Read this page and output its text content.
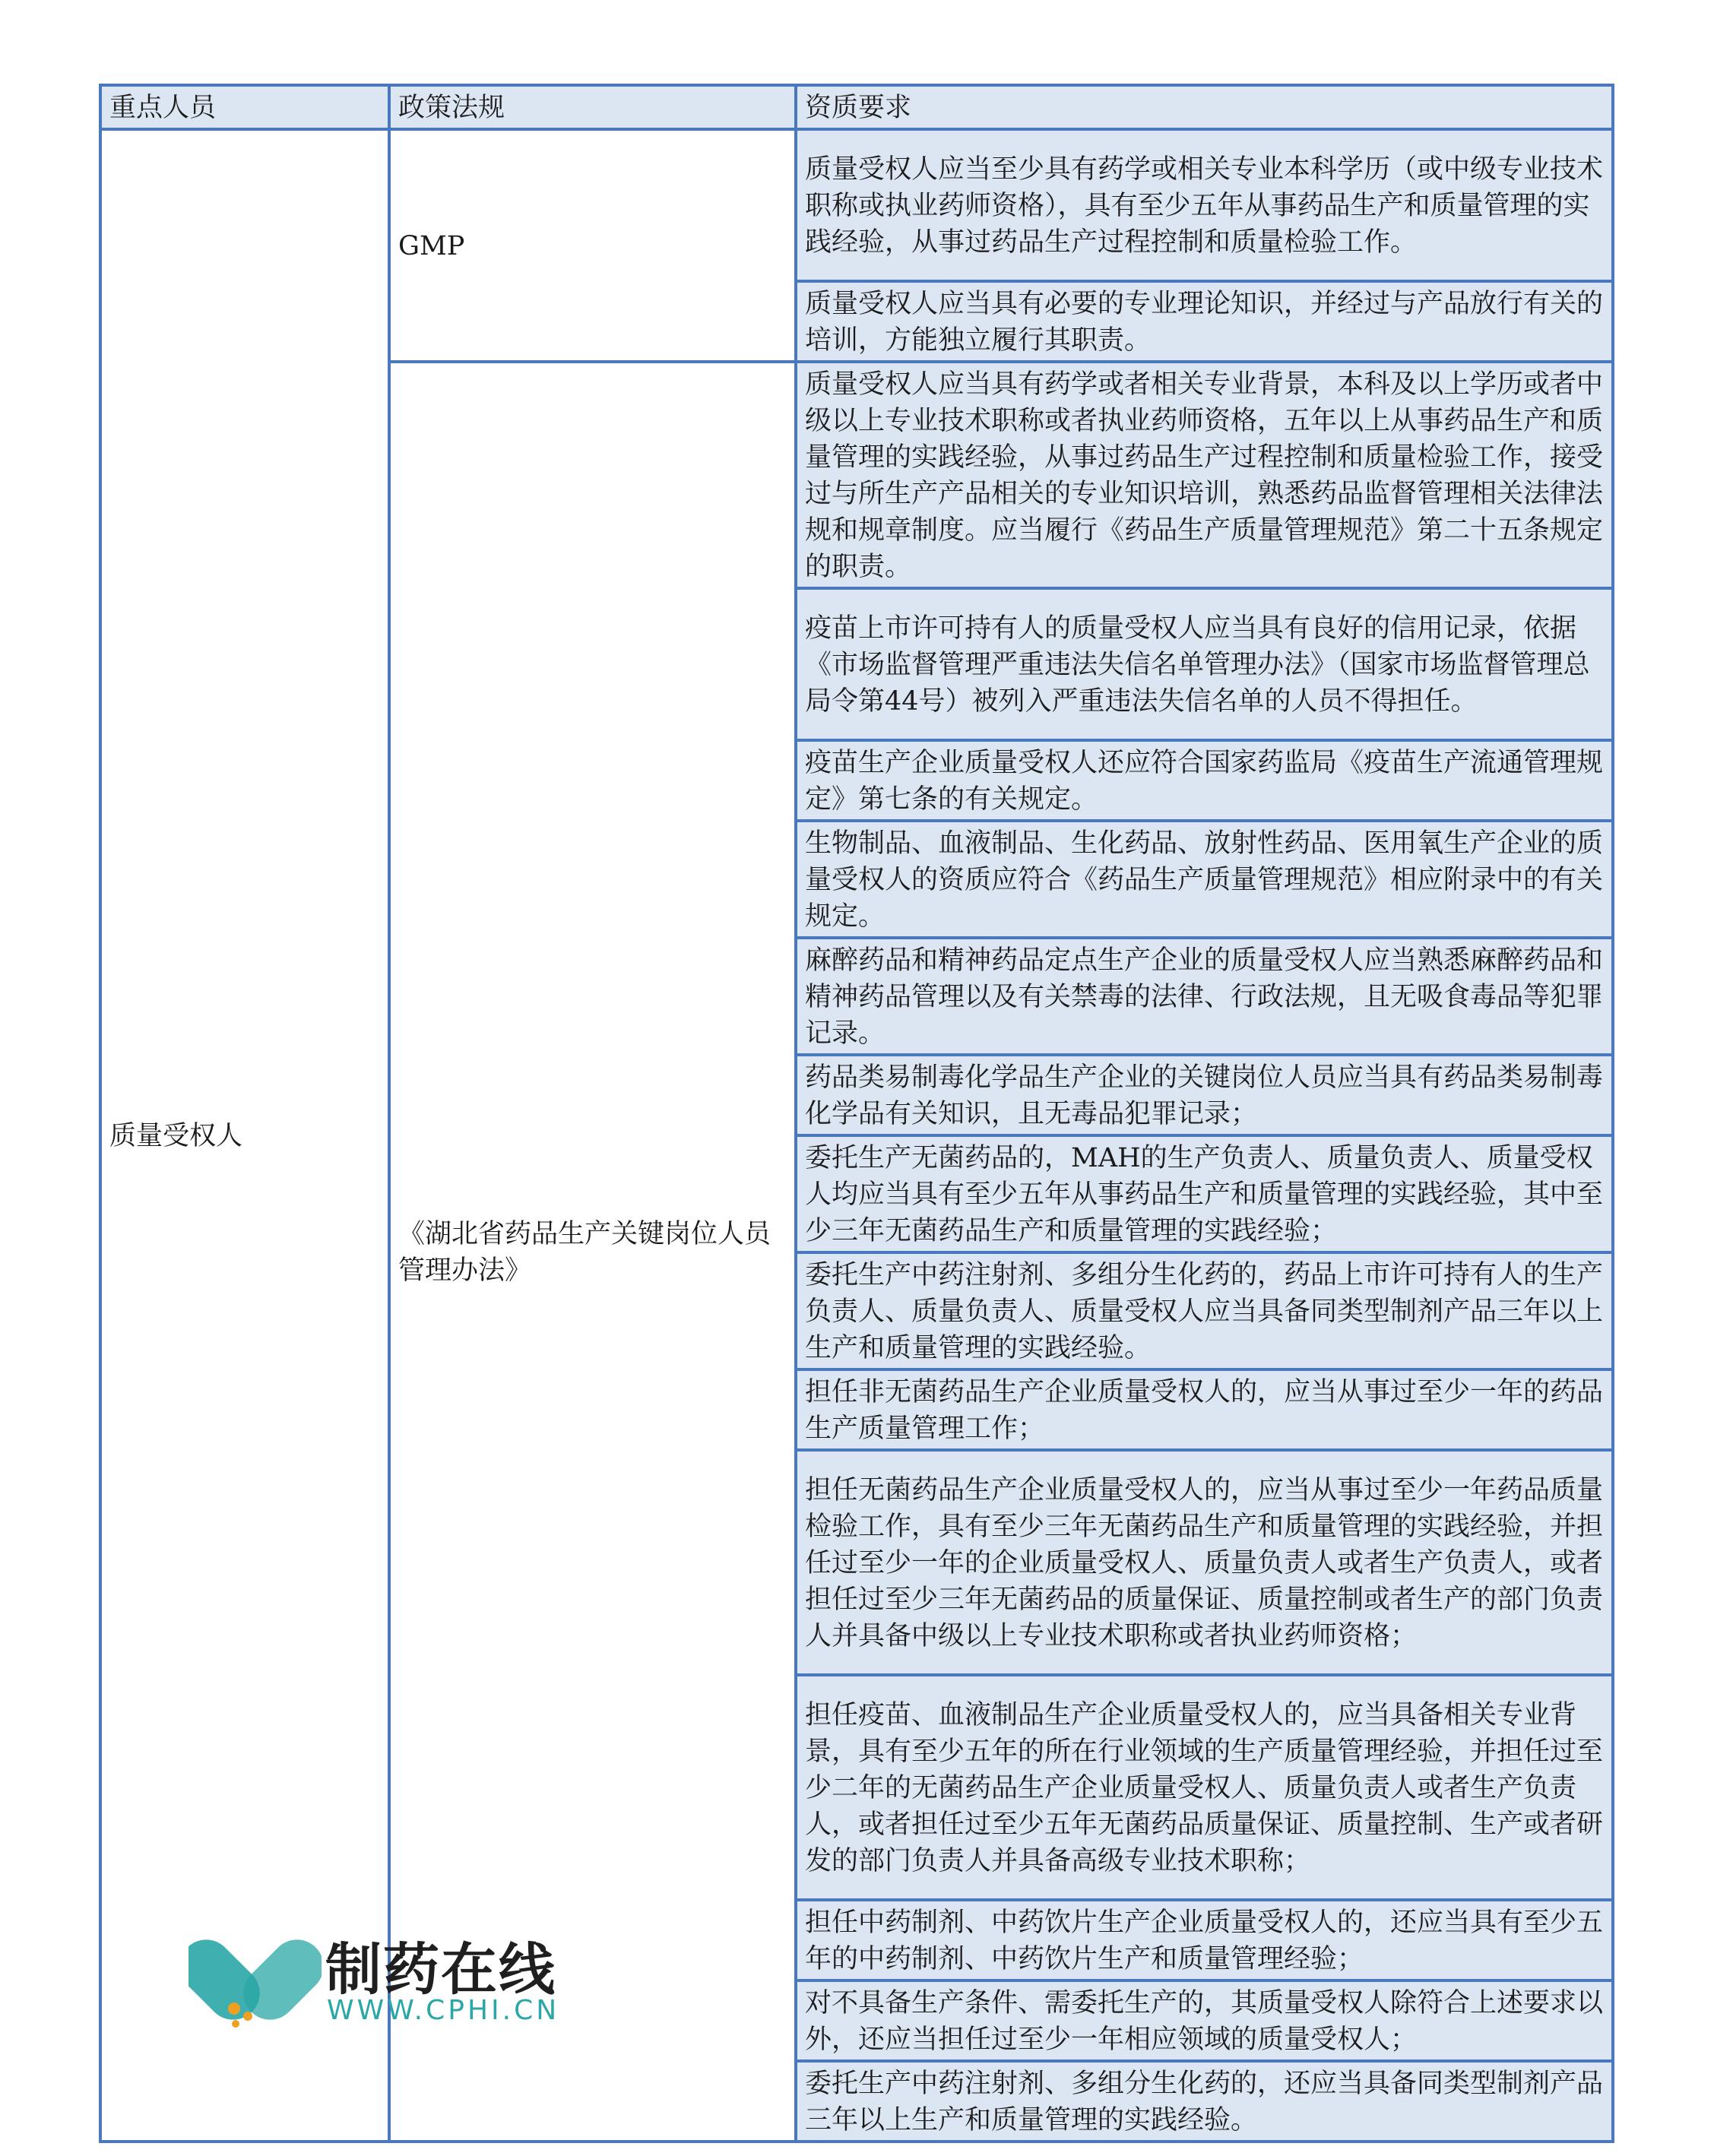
重点人员	政策法规	资质要求
质量受权人	GMP	质量受权人应当至少具有药学或相关专业本科学历（或中级专业技术职称或执业药师资格），具有至少五年从事药品生产和质量管理的实践经验，从事过药品生产过程控制和质量检验工作。
		质量受权人应当具有必要的专业理论知识，并经过与产品放行有关的培训，方能独立履行其职责。
	《湖北省药品生产关键岗位人员管理办法》	质量受权人应当具有药学或者相关专业背景，本科及以上学历或者中级以上专业技术职称或者执业药师资格，五年以上从事药品生产和质量管理的实践经验，从事过药品生产过程控制和质量检验工作，接受过与所生产产品相关的专业知识培训，熟悉药品监督管理相关法律法规和规章制度。应当履行《药品生产质量管理规范》第二十五条规定的职责。
		疫苗上市许可持有人的质量受权人应当具有良好的信用记录，依据《市场监督管理严重违法失信名单管理办法》（国家市场监督管理总局令第44号）被列入严重违法失信名单的人员不得担任。
		疫苗生产企业质量受权人还应符合国家药监局《疫苗生产流通管理规定》第七条的有关规定。
		生物制品、血液制品、生化药品、放射性药品、医用氧生产企业的质量受权人的资质应符合《药品生产质量管理规范》相应附录中的有关规定。
		麻醉药品和精神药品定点生产企业的质量受权人应当熟悉麻醉药品和精神药品管理以及有关禁毒的法律、行政法规，且无吸食毒品等犯罪记录。
		药品类易制毒化学品生产企业的关键岗位人员应当具有药品类易制毒化学品有关知识，且无毒品犯罪记录；
		委托生产无菌药品的，MAH的生产负责人、质量负责人、质量受权人均应当具有至少五年从事药品生产和质量管理的实践经验，其中至少三年无菌药品生产和质量管理的实践经验；
		委托生产中药注射剂、多组分生化药的，药品上市许可持有人的生产负责人、质量负责人、质量受权人应当具备同类型制剂产品三年以上生产和质量管理的实践经验。
		担任非无菌药品生产企业质量受权人的，应当从事过至少一年的药品生产质量管理工作；
		担任无菌药品生产企业质量受权人的，应当从事过至少一年药品质量检验工作，具有至少三年无菌药品生产和质量管理的实践经验，并担任过至少一年的企业质量受权人、质量负责人或者生产负责人，或者担任过至少三年无菌药品的质量保证、质量控制或者生产的部门负责人并具备中级以上专业技术职称或者执业药师资格；
		担任疫苗、血液制品生产企业质量受权人的，应当具备相关专业背景，具有至少五年的所在行业领域的生产质量管理经验，并担任过至少二年的无菌药品生产企业质量受权人、质量负责人或者生产负责人，或者担任过至少五年无菌药品质量保证、质量控制、生产或者研发的部门负责人并具备高级专业技术职称；
		担任中药制剂、中药饮片生产企业质量受权人的，还应当具有至少五年的中药制剂、中药饮片生产和质量管理经验；
		对不具备生产条件、需委托生产的，其质量受权人除符合上述要求以外，还应当担任过至少一年相应领域的质量受权人；
		委托生产中药注射剂、多组分生化药的，还应当具备同类型制剂产品三年以上生产和质量管理的实践经验。
制药在线
WWW.CPHI.CN
